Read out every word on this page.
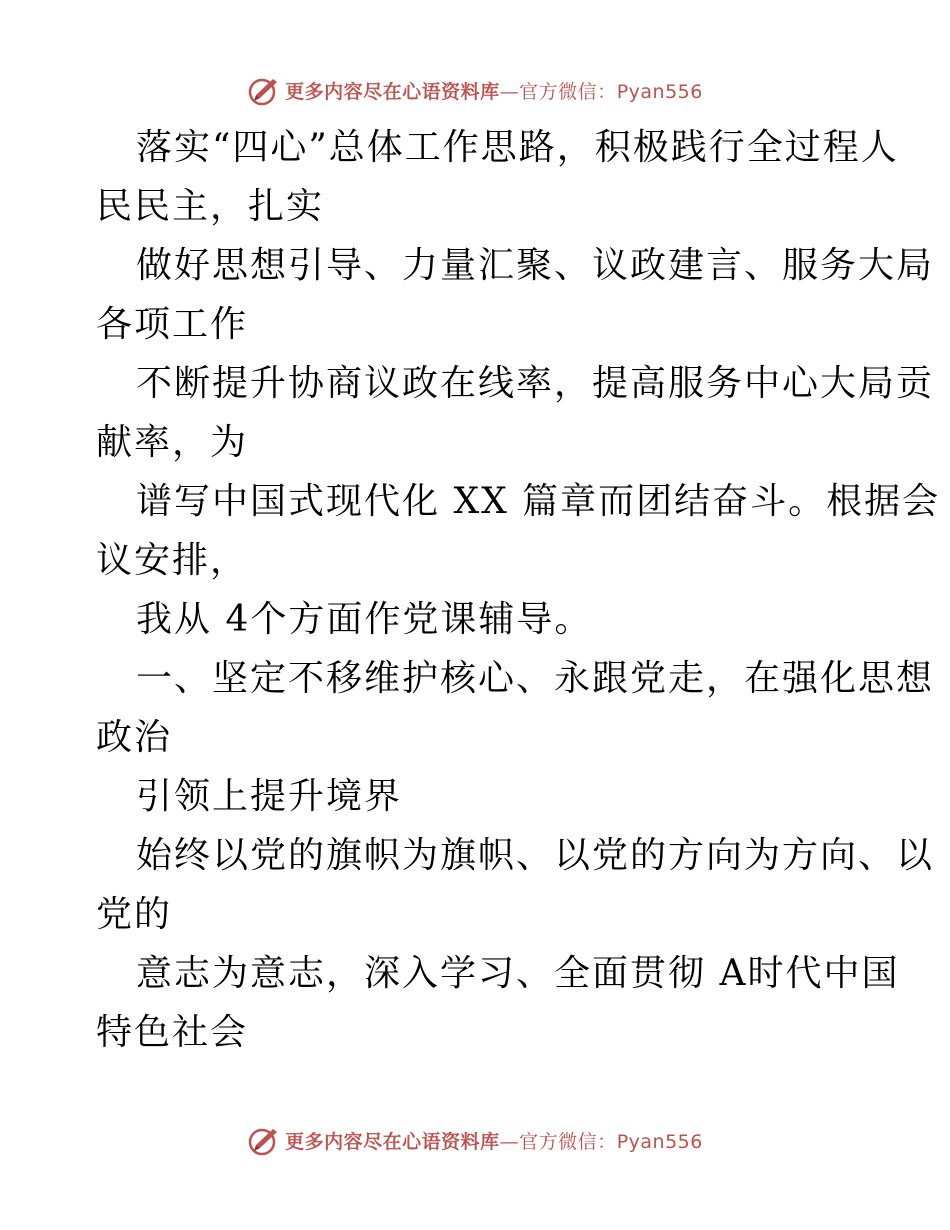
更多内容尽在心语资料库—官方微信：Pyan556
落实“四心”总体工作思路，积极践行全过程人
民民主，扎实
做好思想引导、力量汇聚、议政建言、服务大局
各项工作
不断提升协商议政在线率，提高服务中心大局贡
献率，为
谱写中国式现代化 XX 篇章而团结奋斗。根据会
议安排，
我从 4个方面作党课辅导。
一、坚定不移维护核心、永跟党走，在强化思想
政治
引领上提升境界
始终以党的旗帜为旗帜、以党的方向为方向、以
党的
意志为意志，深入学习、全面贯彻 A时代中国
特色社会
更多内容尽在心语资料库—官方微信：Pyan556
